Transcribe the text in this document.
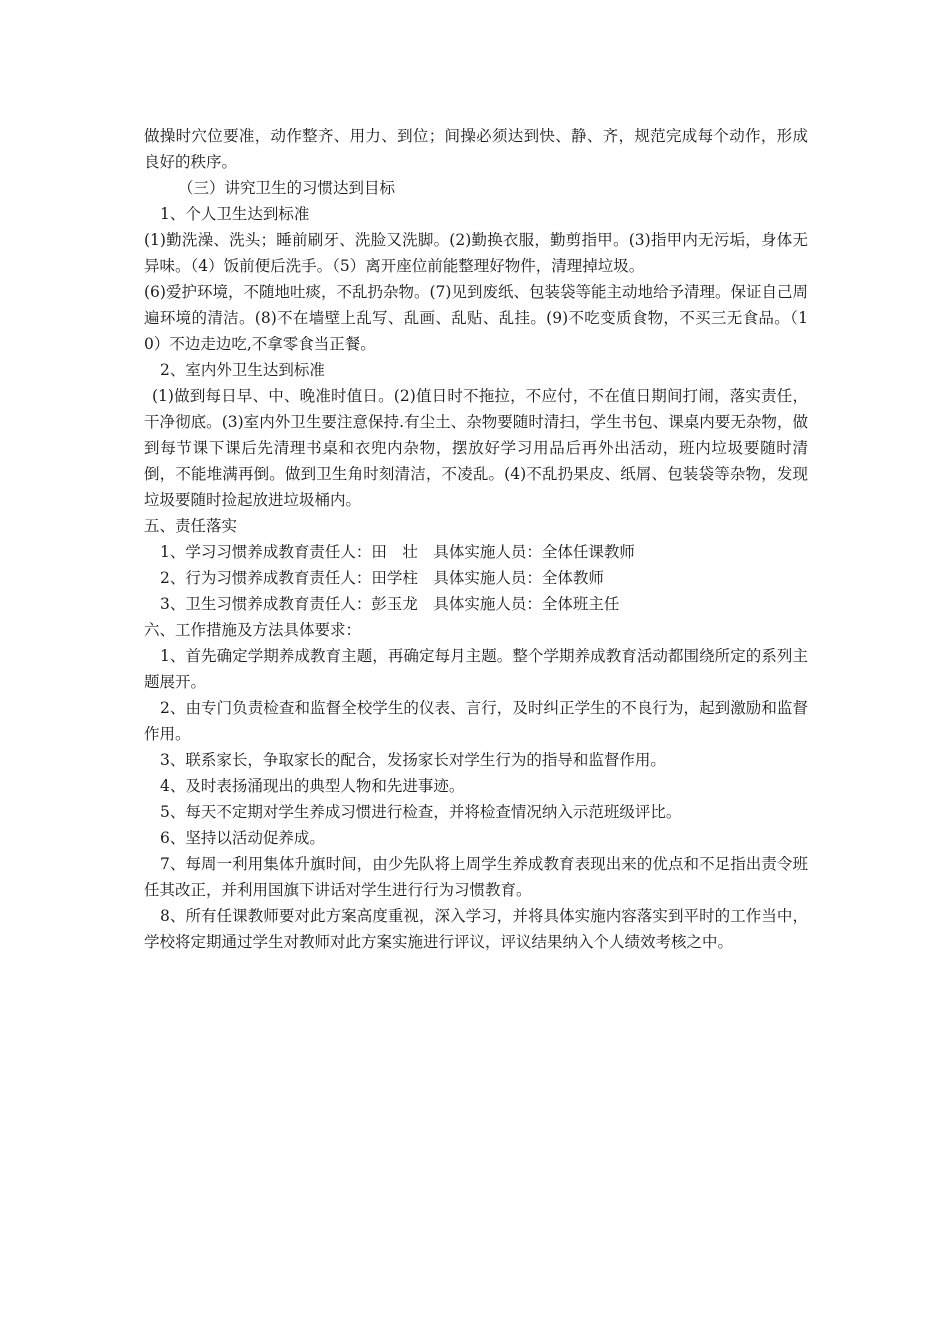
做操时穴位要准，动作整齐、用力、到位；间操必须达到快、静、齐，规范完成每个动作，形成良好的秩序。

（三）讲究卫生的习惯达到目标

1、个人卫生达到标准

(1)勤洗澡、洗头；睡前刷牙、洗脸又洗脚。(2)勤换衣服，勤剪指甲。(3)指甲内无污垢，身体无异味。（4）饭前便后洗手。（5）离开座位前能整理好物件，清理掉垃圾。

(6)爱护环境，不随地吐痰，不乱扔杂物。(7)见到废纸、包装袋等能主动地给予清理。保证自己周遍环境的清洁。(8)不在墙壁上乱写、乱画、乱贴、乱挂。(9)不吃变质食物，不买三无食品。（10）不边走边吃,不拿零食当正餐。

2、室内外卫生达到标准

(1)做到每日早、中、晚准时值日。(2)值日时不拖拉，不应付，不在值日期间打闹，落实责任，干净彻底。(3)室内外卫生要注意保持.有尘土、杂物要随时清扫，学生书包、课桌内要无杂物，做到每节课下课后先清理书桌和衣兜内杂物，摆放好学习用品后再外出活动，班内垃圾要随时清倒，不能堆满再倒。做到卫生角时刻清洁，不凌乱。(4)不乱扔果皮、纸屑、包装袋等杂物，发现垃圾要随时捡起放进垃圾桶内。

五、责任落实

1、学习习惯养成教育责任人：田　壮　具体实施人员：全体任课教师

2、行为习惯养成教育责任人：田学柱　具体实施人员：全体教师

3、卫生习惯养成教育责任人：彭玉龙　具体实施人员：全体班主任

六、工作措施及方法具体要求：

1、首先确定学期养成教育主题，再确定每月主题。整个学期养成教育活动都围绕所定的系列主题展开。

2、由专门负责检查和监督全校学生的仪表、言行，及时纠正学生的不良行为，起到激励和监督作用。

3、联系家长，争取家长的配合，发扬家长对学生行为的指导和监督作用。

4、及时表扬涌现出的典型人物和先进事迹。

5、每天不定期对学生养成习惯进行检查，并将检查情况纳入示范班级评比。

6、坚持以活动促养成。

7、每周一利用集体升旗时间，由少先队将上周学生养成教育表现出来的优点和不足指出责令班任其改正，并利用国旗下讲话对学生进行行为习惯教育。

8、所有任课教师要对此方案高度重视，深入学习，并将具体实施内容落实到平时的工作当中，学校将定期通过学生对教师对此方案实施进行评议，评议结果纳入个人绩效考核之中。
